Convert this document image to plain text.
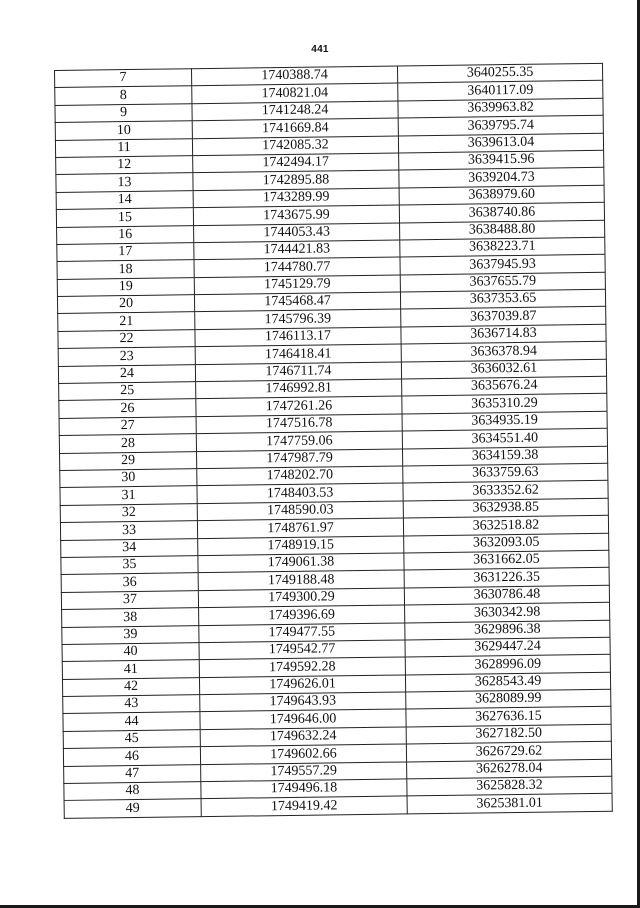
441
7	1740388.74	3640255.35
8	1740821.04	3640117.09
9	1741248.24	3639963.82
10	1741669.84	3639795.74
11	1742085.32	3639613.04
12	1742494.17	3639415.96
13	1742895.88	3639204.73
14	1743289.99	3638979.60
15	1743675.99	3638740.86
16	1744053.43	3638488.80
17	1744421.83	3638223.71
18	1744780.77	3637945.93
19	1745129.79	3637655.79
20	1745468.47	3637353.65
21	1745796.39	3637039.87
22	1746113.17	3636714.83
23	1746418.41	3636378.94
24	1746711.74	3636032.61
25	1746992.81	3635676.24
26	1747261.26	3635310.29
27	1747516.78	3634935.19
28	1747759.06	3634551.40
29	1747987.79	3634159.38
30	1748202.70	3633759.63
31	1748403.53	3633352.62
32	1748590.03	3632938.85
33	1748761.97	3632518.82
34	1748919.15	3632093.05
35	1749061.38	3631662.05
36	1749188.48	3631226.35
37	1749300.29	3630786.48
38	1749396.69	3630342.98
39	1749477.55	3629896.38
40	1749542.77	3629447.24
41	1749592.28	3628996.09
42	1749626.01	3628543.49
43	1749643.93	3628089.99
44	1749646.00	3627636.15
45	1749632.24	3627182.50
46	1749602.66	3626729.62
47	1749557.29	3626278.04
48	1749496.18	3625828.32
49	1749419.42	3625381.01
